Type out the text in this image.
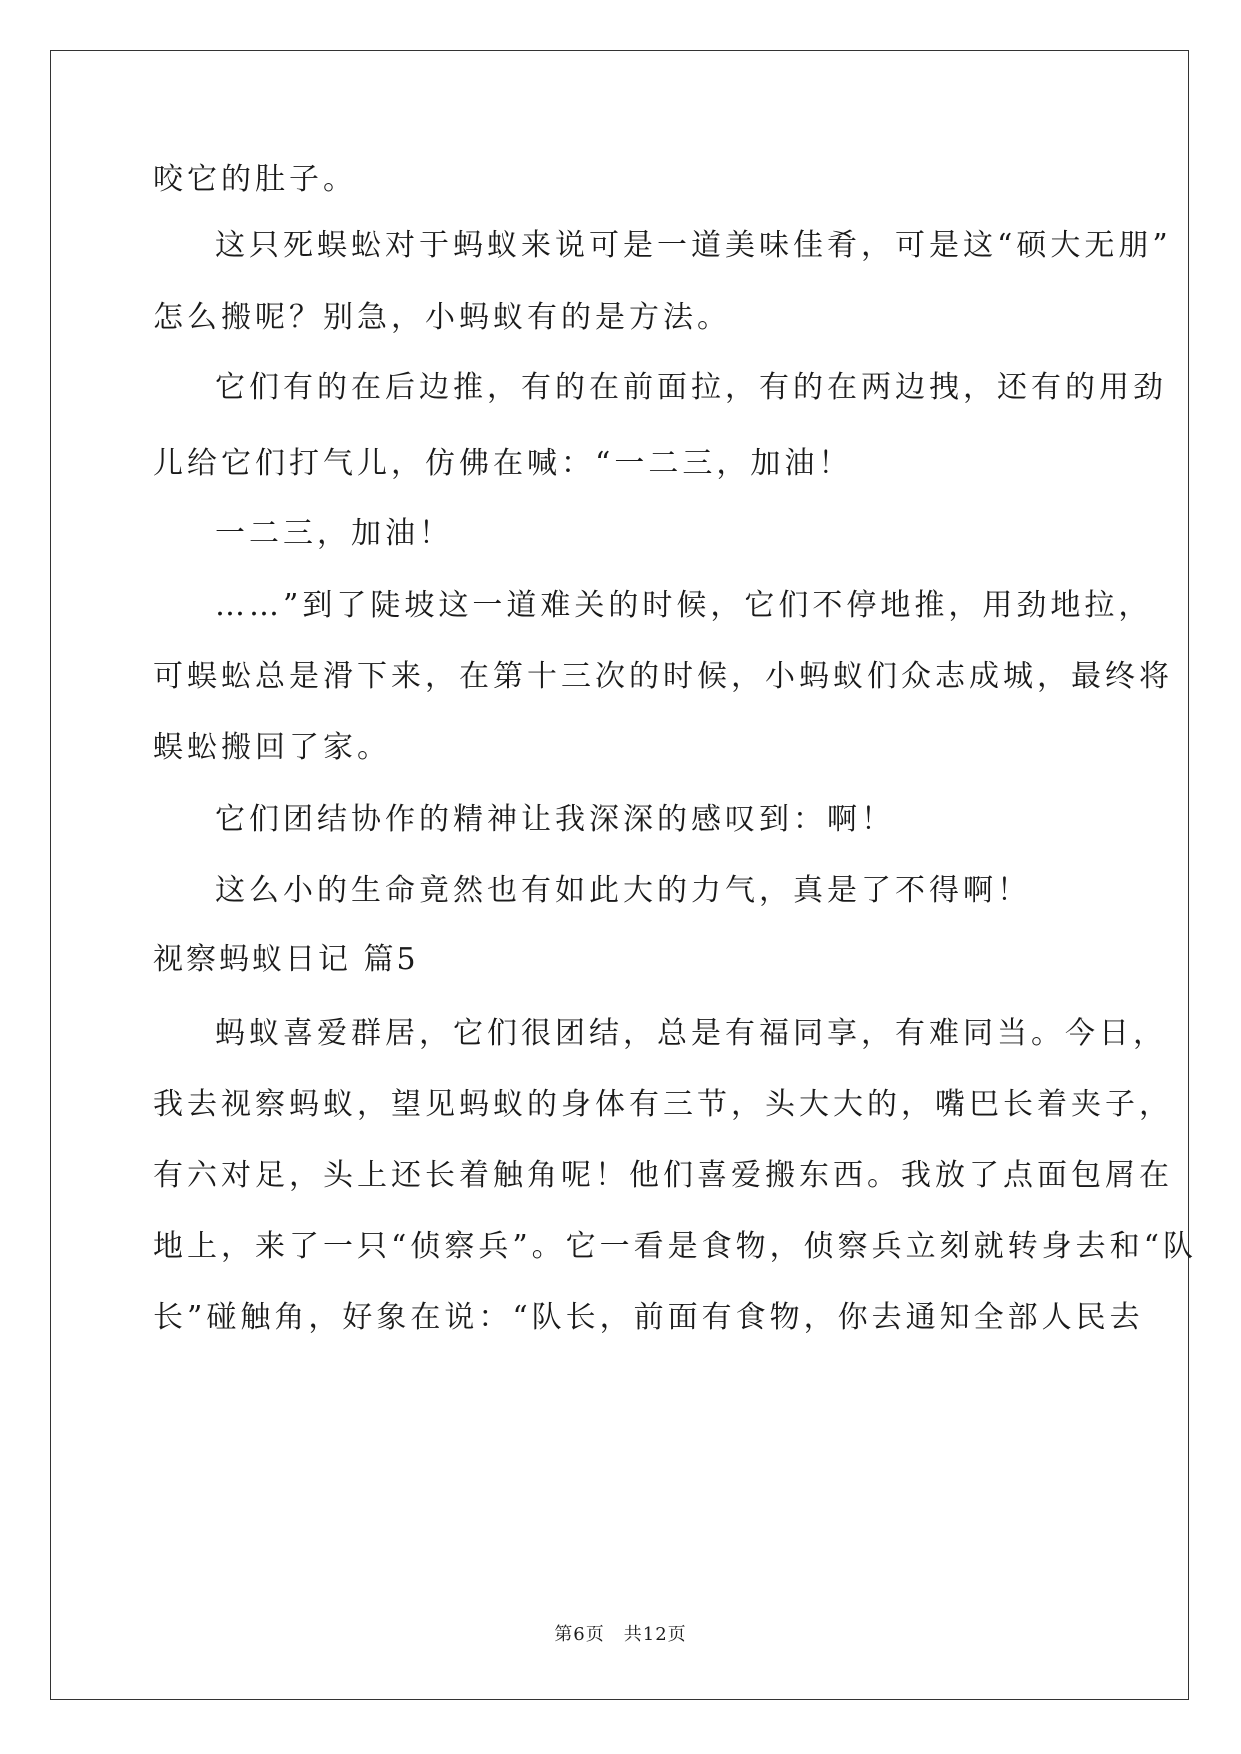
咬它的肚子。
这只死蜈蚣对于蚂蚁来说可是一道美味佳肴，可是这“硕大无朋”
怎么搬呢？别急，小蚂蚁有的是方法。
它们有的在后边推，有的在前面拉，有的在两边拽，还有的用劲
儿给它们打气儿，仿佛在喊：“一二三，加油！
一二三，加油！
……”到了陡坡这一道难关的时候，它们不停地推，用劲地拉，
可蜈蚣总是滑下来，在第十三次的时候，小蚂蚁们众志成城，最终将
蜈蚣搬回了家。
它们团结协作的精神让我深深的感叹到：啊！
这么小的生命竟然也有如此大的力气，真是了不得啊！
视察蚂蚁日记 篇5
蚂蚁喜爱群居，它们很团结，总是有福同享，有难同当。今日，
我去视察蚂蚁，望见蚂蚁的身体有三节，头大大的，嘴巴长着夹子，
有六对足，头上还长着触角呢！他们喜爱搬东西。我放了点面包屑在
地上，来了一只“侦察兵”。它一看是食物，侦察兵立刻就转身去和“队
长”碰触角，好象在说：“队长，前面有食物，你去通知全部人民去
第6页　共12页
